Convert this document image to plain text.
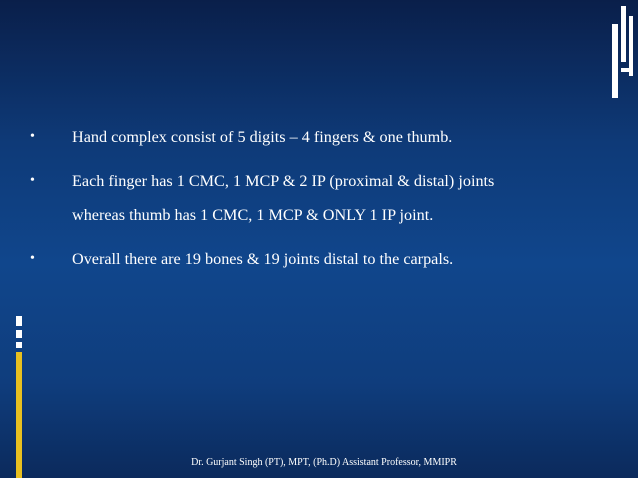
• Hand complex consist of 5 digits – 4 fingers & one thumb.
• Each finger has 1 CMC, 1 MCP & 2 IP (proximal & distal) joints
whereas thumb has 1 CMC, 1 MCP & ONLY 1 IP joint.
• Overall there are 19 bones & 19 joints distal to the carpals.
Dr. Gurjant Singh (PT), MPT, (Ph.D) Assistant Professor, MMIPR
